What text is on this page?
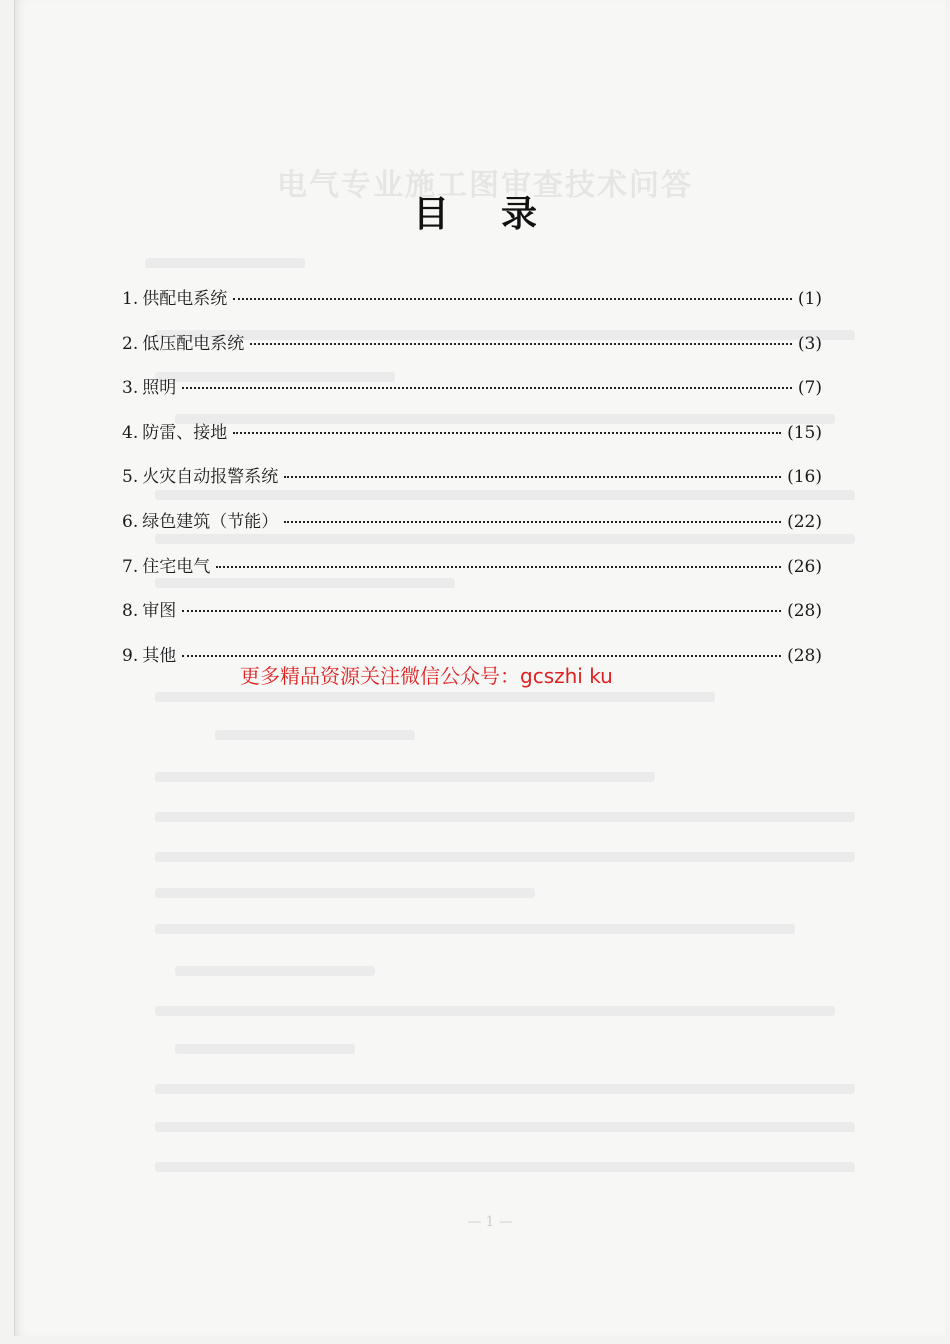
电气专业施工图审查技术问答
— 1 —
目录
1. 供配电系统	(1)
2. 低压配电系统	(3)
3. 照明	(7)
4. 防雷、接地	(15)
5. 火灾自动报警系统	(16)
6. 绿色建筑（节能）	(22)
7. 住宅电气	(26)
8. 审图	(28)
9. 其他	(28)
更多精品资源关注微信公众号：gcszhi ku
